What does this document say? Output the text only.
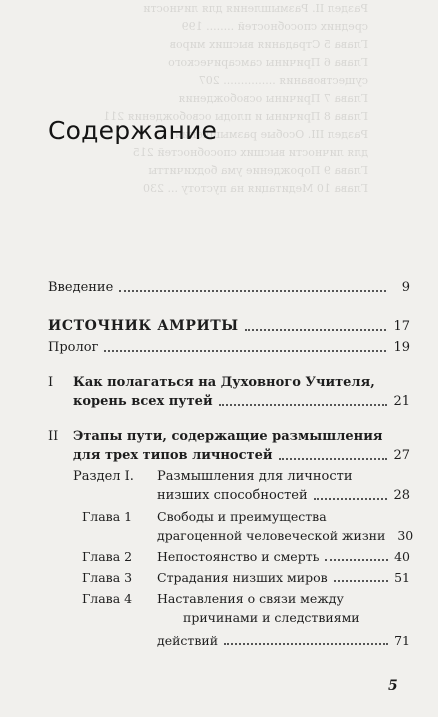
Раздел II. Размышления для личности
средних способностей ........ 199
Глава 5 Страдания высших миров
Глава 6 Причины самсарического
существования ............... 207
Глава 7 Причины освобождения
Глава 8 Причины и плоды освобождения 211
Раздел III. Особые размышления
для личности высших способностей 215
Глава 9 Порождение ума бодхичитты
Глава 10 Медитация на пустоту ... 230
Содержание
Введение	9
ИСТОЧНИК АМРИТЫ	17
Пролог	19
I	Как полагаться на Духовного Учителя,
корень всех путей	21
II	Этапы пути, содержащие размышления
для трех типов личностей	27
Раздел I.	Размышления для личности
низших способностей	28
Глава 1	Свободы и преимущества
драгоценной человеческой жизни 30
Глава 2	Непостоянство и смерть	40
Глава 3	Страдания низших миров	51
Глава 4	Наставления о связи между
причинами и следствиями
действий	71
5
